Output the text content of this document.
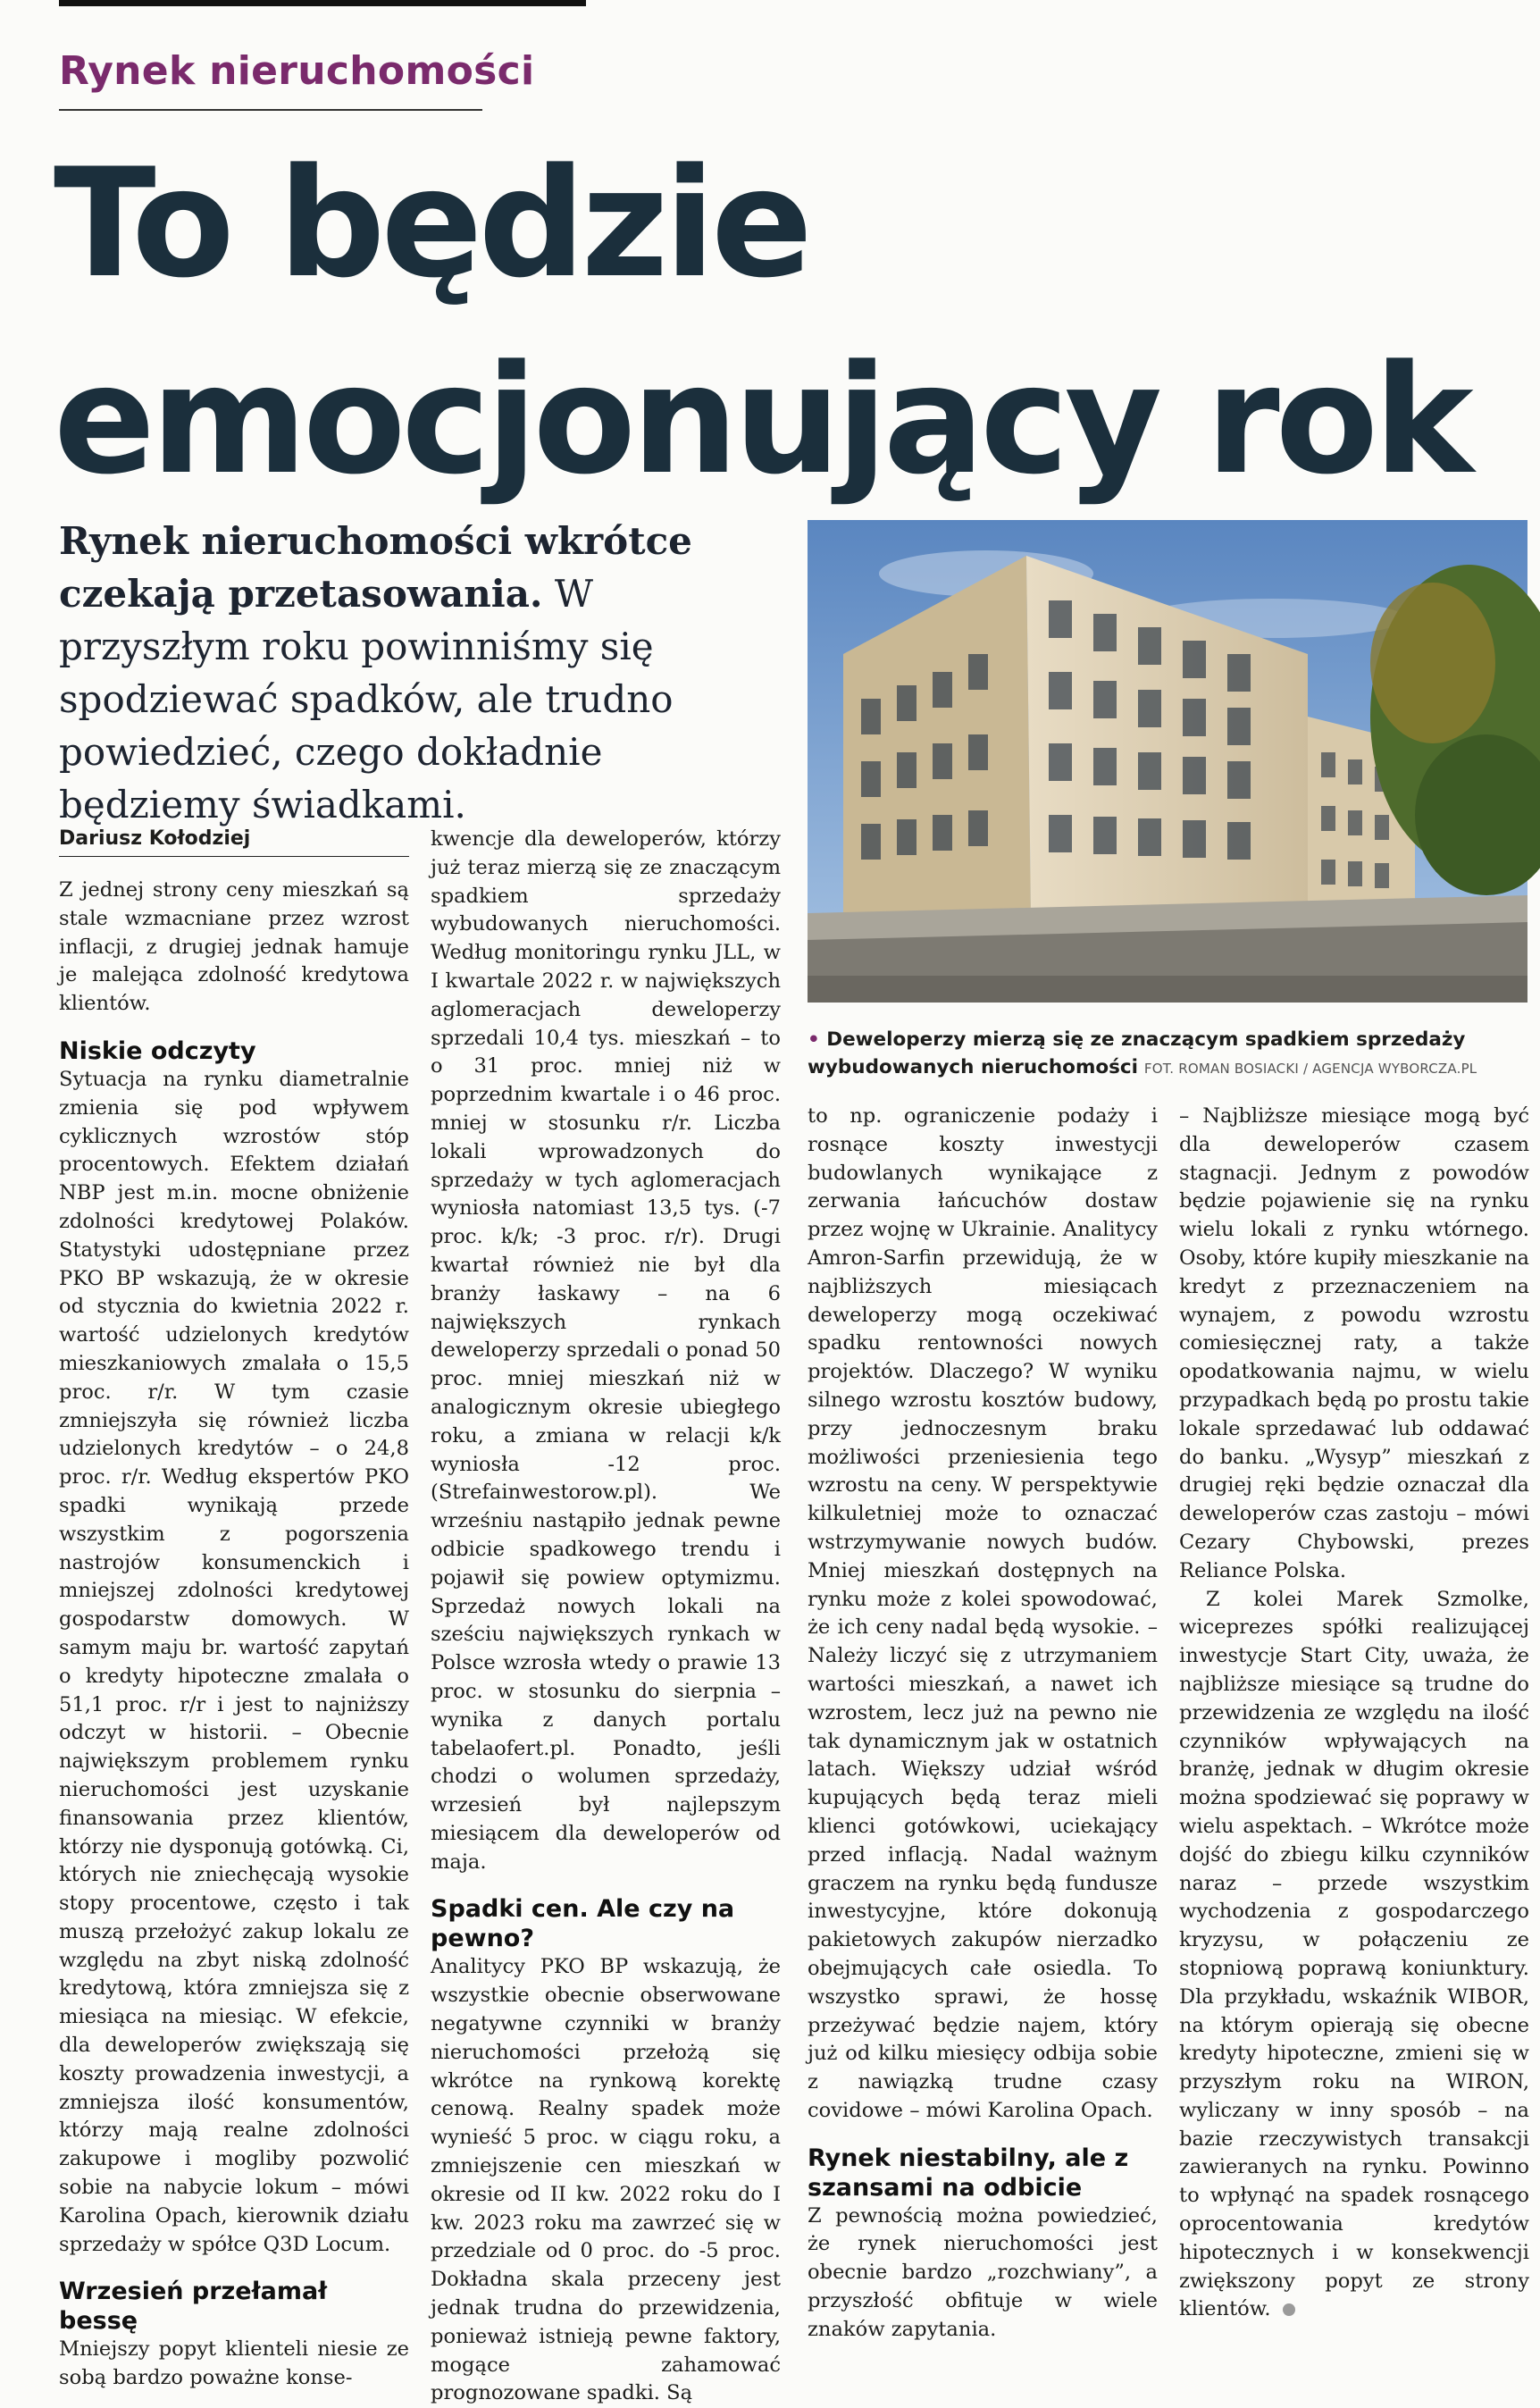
Rynek nieruchomości
To będzie
emocjonujący rok
Rynek nieruchomości wkrótce czekają przetasowania. W przyszłym roku powinniśmy się spodziewać spadków, ale trudno powiedzieć, czego dokładnie będziemy świadkami.
• Deweloperzy mierzą się ze znaczącym spadkiem sprzedaży wybudowanych nieruchomości FOT. ROMAN BOSIACKI / AGENCJA WYBORCZA.PL

Dariusz Kołodziej

Z jednej strony ceny mieszkań są stale wzmacniane przez wzrost inflacji, z drugiej jednak hamuje je malejąca zdolność kredytowa klientów.

Niskie odczyty

Sytuacja na rynku diametralnie zmienia się pod wpływem cyklicznych wzrostów stóp procentowych. Efektem działań NBP jest m.in. mocne obniżenie zdolności kredytowej Polaków. Statystyki udostępniane przez PKO BP wskazują, że w okresie od stycznia do kwietnia 2022 r. wartość udzielonych kredytów mieszkaniowych zmalała o 15,5 proc. r/r. W tym czasie zmniejszyła się również liczba udzielonych kredytów – o 24,8 proc. r/r. Według ekspertów PKO spadki wynikają przede wszystkim z pogorszenia nastrojów konsumenckich i mniejszej zdolności kredytowej gospodarstw domowych. W samym maju br. wartość zapytań o kredyty hipoteczne zmalała o 51,1 proc. r/r i jest to najniższy odczyt w historii. – Obecnie największym problemem rynku nieruchomości jest uzyskanie finansowania przez klientów, którzy nie dysponują gotówką. Ci, których nie zniechęcają wysokie stopy procentowe, często i tak muszą przełożyć zakup lokalu ze względu na zbyt niską zdolność kredytową, która zmniejsza się z miesiąca na miesiąc. W efekcie, dla deweloperów zwiększają się koszty prowadzenia inwestycji, a zmniejsza ilość konsumentów, którzy mają realne zdolności zakupowe i mogliby pozwolić sobie na nabycie lokum – mówi Karolina Opach, kierownik działu sprzedaży w spółce Q3D Locum.

Wrzesień przełamał bessę

Mniejszy popyt klienteli niesie ze sobą bardzo poważne konse-

kwencje dla deweloperów, którzy już teraz mierzą się ze znaczącym spadkiem sprzedaży wybudowanych nieruchomości. Według monitoringu rynku JLL, w I kwartale 2022 r. w największych aglomeracjach deweloperzy sprzedali 10,4 tys. mieszkań – to o 31 proc. mniej niż w poprzednim kwartale i o 46 proc. mniej w stosunku r/r. Liczba lokali wprowadzonych do sprzedaży w tych aglomeracjach wyniosła natomiast 13,5 tys. (-7 proc. k/k; -3 proc. r/r). Drugi kwartał również nie był dla branży łaskawy – na 6 największych rynkach deweloperzy sprzedali o ponad 50 proc. mniej mieszkań niż w analogicznym okresie ubiegłego roku, a zmiana w relacji k/k wyniosła -12 proc. (Strefainwestorow.pl). We wrześniu nastąpiło jednak pewne odbicie spadkowego trendu i pojawił się powiew optymizmu. Sprzedaż nowych lokali na sześciu największych rynkach w Polsce wzrosła wtedy o prawie 13 proc. w stosunku do sierpnia – wynika z danych portalu tabelaofert.pl. Ponadto, jeśli chodzi o wolumen sprzedaży, wrzesień był najlepszym miesiącem dla deweloperów od maja.

Spadki cen. Ale czy na pewno?

Analitycy PKO BP wskazują, że wszystkie obecnie obserwowane negatywne czynniki w branży nieruchomości przełożą się wkrótce na rynkową korektę cenową. Realny spadek może wynieść 5 proc. w ciągu roku, a zmniejszenie cen mieszkań w okresie od II kw. 2022 roku do I kw. 2023 roku ma zawrzeć się w przedziale od 0 proc. do -5 proc. Dokładna skala przeceny jest jednak trudna do przewidzenia, ponieważ istnieją pewne faktory, mogące zahamować prognozowane spadki. Są

to np. ograniczenie podaży i rosnące koszty inwestycji budowlanych wynikające z zerwania łańcuchów dostaw przez wojnę w Ukrainie. Analitycy Amron-Sarfin przewidują, że w najbliższych miesiącach deweloperzy mogą oczekiwać spadku rentowności nowych projektów. Dlaczego? W wyniku silnego wzrostu kosztów budowy, przy jednoczesnym braku możliwości przeniesienia tego wzrostu na ceny. W perspektywie kilkuletniej może to oznaczać wstrzymywanie nowych budów. Mniej mieszkań dostępnych na rynku może z kolei spowodować, że ich ceny nadal będą wysokie. – Należy liczyć się z utrzymaniem wartości mieszkań, a nawet ich wzrostem, lecz już na pewno nie tak dynamicznym jak w ostatnich latach. Większy udział wśród kupujących będą teraz mieli klienci gotówkowi, uciekający przed inflacją. Nadal ważnym graczem na rynku będą fundusze inwestycyjne, które dokonują pakietowych zakupów nierzadko obejmujących całe osiedla. To wszystko sprawi, że hossę przeżywać będzie najem, który już od kilku miesięcy odbija sobie z nawiązką trudne czasy covidowe – mówi Karolina Opach.

Rynek niestabilny, ale z szansami na odbicie

Z pewnością można powiedzieć, że rynek nieruchomości jest obecnie bardzo „rozchwiany”, a przyszłość obfituje w wiele znaków zapytania.

– Najbliższe miesiące mogą być dla deweloperów czasem stagnacji. Jednym z powodów będzie pojawienie się na rynku wielu lokali z rynku wtórnego. Osoby, które kupiły mieszkanie na kredyt z przeznaczeniem na wynajem, z powodu wzrostu comiesięcznej raty, a także opodatkowania najmu, w wielu przypadkach będą po prostu takie lokale sprzedawać lub oddawać do banku. „Wysyp” mieszkań z drugiej ręki będzie oznaczał dla deweloperów czas zastoju – mówi Cezary Chybowski, prezes Reliance Polska.

Z kolei Marek Szmolke, wiceprezes spółki realizującej inwestycje Start City, uważa, że najbliższe miesiące są trudne do przewidzenia ze względu na ilość czynników wpływających na branżę, jednak w długim okresie można spodziewać się poprawy w wielu aspektach. – Wkrótce może dojść do zbiegu kilku czynników naraz – przede wszystkim wychodzenia z gospodarczego kryzysu, w połączeniu ze stopniową poprawą koniunktury. Dla przykładu, wskaźnik WIBOR, na którym opierają się obecne kredyty hipoteczne, zmieni się w przyszłym roku na WIRON, wyliczany w inny sposób – na bazie rzeczywistych transakcji zawieranych na rynku. Powinno to wpłynąć na spadek rosnącego oprocentowania kredytów hipotecznych i w konsekwencji zwiększony popyt ze strony klientów.
